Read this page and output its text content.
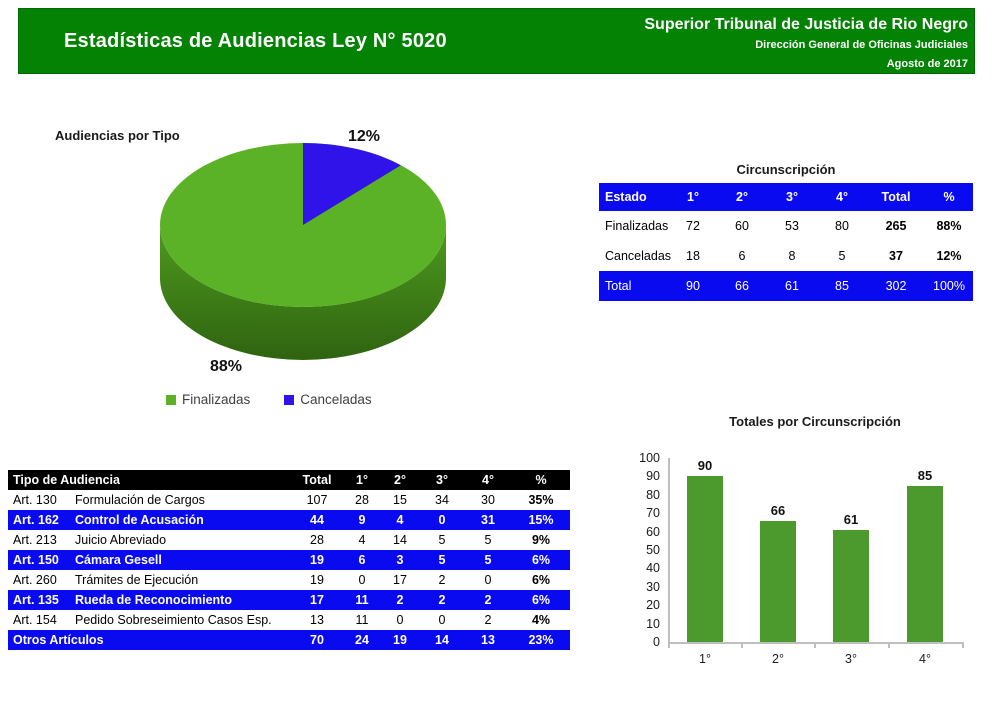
Estadísticas de Audiencias Ley N° 5020
Superior Tribunal de Justicia de Rio Negro
Dirección General de Oficinas Judiciales
Agosto de 2017
Audiencias por Tipo	12%
88%
Finalizadas	Canceladas
Circunscripción
Estado	1°	2°	3°	4°	Total	%
Finalizadas	72	60	53	80	265	88%
Canceladas	18	6	8	5	37	12%
Total	90	66	61	85	302	100%
Tipo de Audiencia		Total	1°	2°	3°	4°	%
Art. 130	Formulación de Cargos	107	28	15	34	30	35%
Art. 162	Control de Acusación	44	9	4	0	31	15%
Art. 213	Juicio Abreviado	28	4	14	5	5	9%
Art. 150	Cámara Gesell	19	6	3	5	5	6%
Art. 260	Trámites de Ejecución	19	0	17	2	0	6%
Art. 135	Rueda de Reconocimiento	17	11	2	2	2	6%
Art. 154	Pedido Sobreseimiento Casos Esp.	13	11	0	0	2	4%
Otros Artículos		70	24	19	14	13	23%
Totales por Circunscripción
0
10
20
30
40
50
60
70
80
90
100
90
66
61
85
1°	2°	3°	4°
